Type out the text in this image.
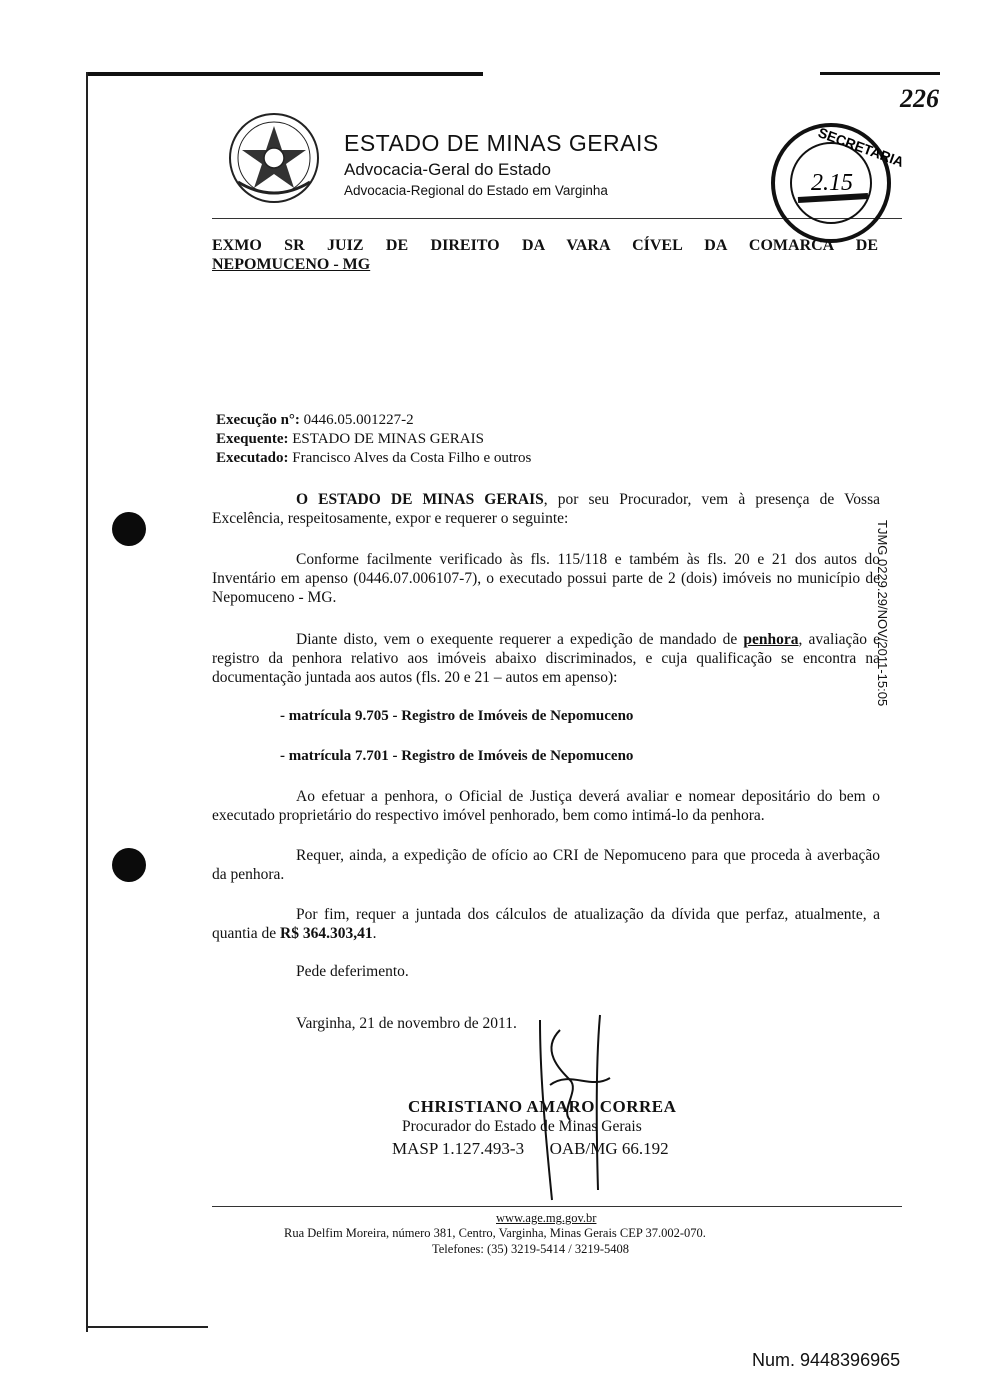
226
ESTADO DE MINAS GERAIS
Advocacia-Geral do Estado
Advocacia-Regional do Estado em Varginha
SECRETARIA
2.15
EXMO SR JUIZ DE DIREITO DA VARA CÍVEL DA COMARCA DE
NEPOMUCENO - MG
Execução n°: 0446.05.001227-2
Exequente: ESTADO DE MINAS GERAIS
Executado: Francisco Alves da Costa Filho e outros
O ESTADO DE MINAS GERAIS, por seu Procurador, vem à presença de Vossa Excelência, respeitosamente, expor e requerer o seguinte:
Conforme facilmente verificado às fls. 115/118 e também às fls. 20 e 21 dos autos do Inventário em apenso (0446.07.006107-7), o executado possui parte de 2 (dois) imóveis no município de Nepomuceno - MG.
Diante disto, vem o exequente requerer a expedição de mandado de penhora, avaliação e registro da penhora relativo aos imóveis abaixo discriminados, e cuja qualificação se encontra na documentação juntada aos autos (fls. 20 e 21 – autos em apenso):
- matrícula 9.705 - Registro de Imóveis de Nepomuceno
- matrícula 7.701 - Registro de Imóveis de Nepomuceno
Ao efetuar a penhora, o Oficial de Justiça deverá avaliar e nomear depositário do bem o executado proprietário do respectivo imóvel penhorado, bem como intimá-lo da penhora.
Requer, ainda, a expedição de ofício ao CRI de Nepomuceno para que proceda à averbação da penhora.
Por fim, requer a juntada dos cálculos de atualização da dívida que perfaz, atualmente, a quantia de R$ 364.303,41.
Pede deferimento.
Varginha, 21 de novembro de 2011.
CHRISTIANO AMARO CORREA
Procurador do Estado de Minas Gerais
MASP 1.127.493-3      OAB/MG 66.192
www.age.mg.gov.br
Rua Delfim Moreira, número 381, Centro, Varginha, Minas Gerais CEP 37.002-070.
Telefones: (35) 3219-5414 / 3219-5408
TJMG 0229.29/NOV/2011-15:05
Num. 9448396965
